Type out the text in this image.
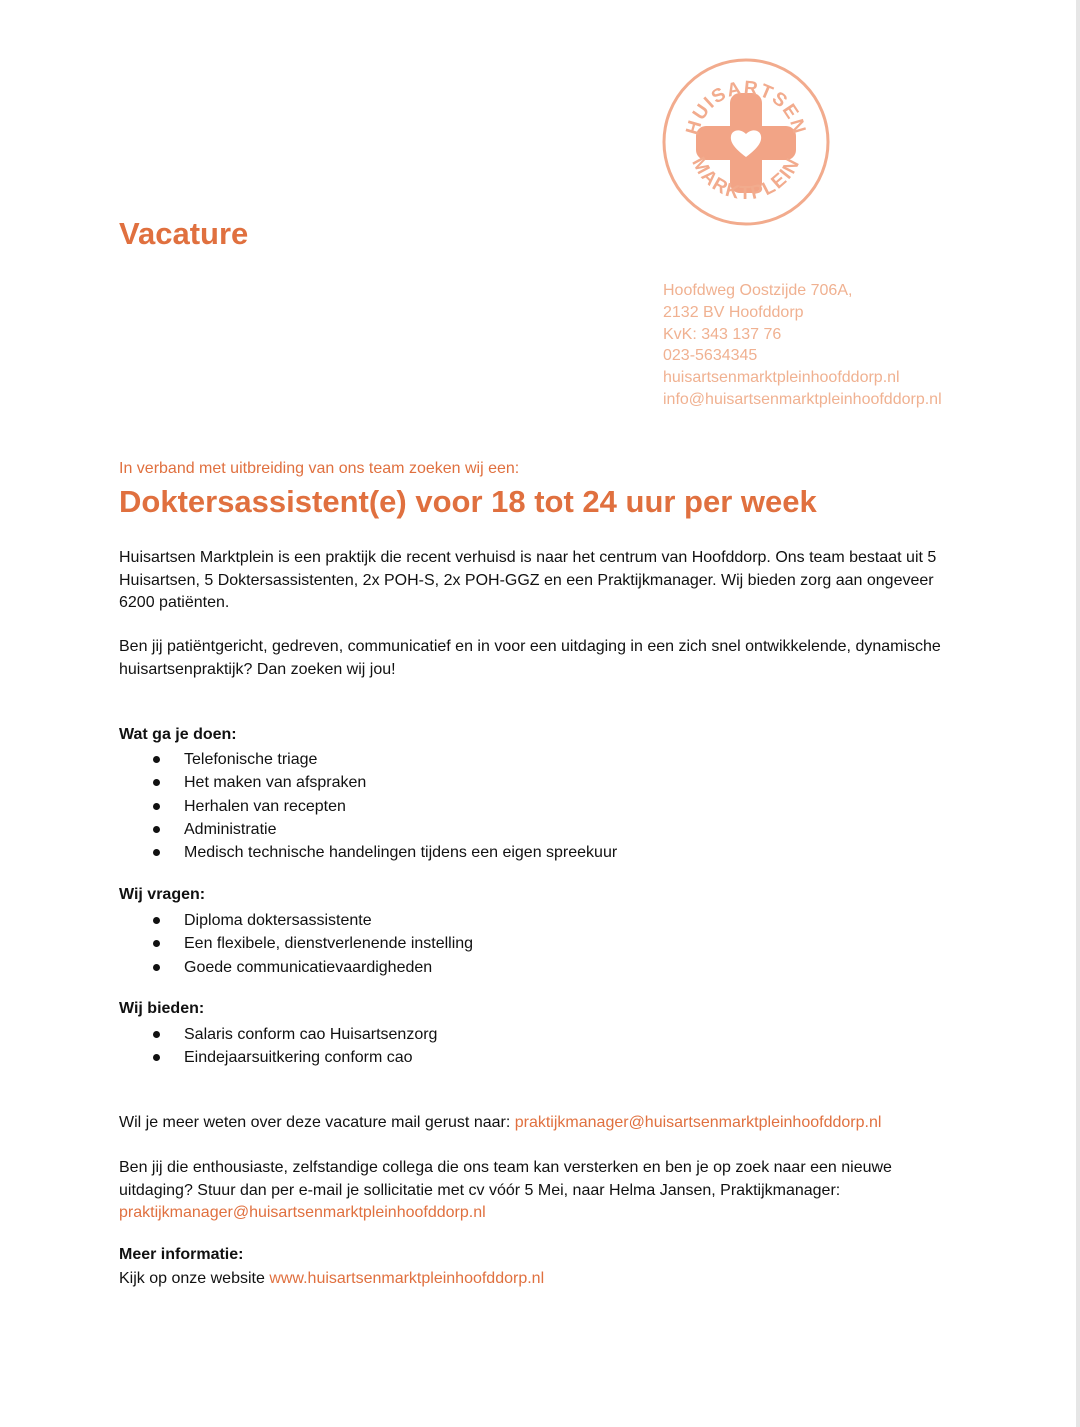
HUISARTSEN
MARKTPLEIN
Vacature
Hoofdweg Oostzijde 706A,
2132 BV Hoofddorp
KvK: 343 137 76
023-5634345
huisartsenmarktpleinhoofddorp.nl
info@huisartsenmarktpleinhoofddorp.nl
In verband met uitbreiding van ons team zoeken wij een:
Doktersassistent(e) voor 18 tot 24 uur per week

Huisartsen Marktplein is een praktijk die recent verhuisd is naar het centrum van Hoofddorp. Ons team bestaat uit 5 Huisartsen, 5 Doktersassistenten, 2x POH-S, 2x POH-GGZ en een Praktijkmanager. Wij bieden zorg aan ongeveer 6200 patiënten.

Ben jij patiëntgericht, gedreven, communicatief en in voor een uitdaging in een zich snel ontwikkelende, dynamische huisartsenpraktijk? Dan zoeken wij jou!

Wat ga je doen:
Telefonische triage
Het maken van afspraken
Herhalen van recepten
Administratie
Medisch technische handelingen tijdens een eigen spreekuur
Wij vragen:
Diploma doktersassistente
Een flexibele, dienstverlenende instelling
Goede communicatievaardigheden
Wij bieden:
Salaris conform cao Huisartsenzorg
Eindejaarsuitkering conform cao

Wil je meer weten over deze vacature mail gerust naar: praktijkmanager@huisartsenmarktpleinhoofddorp.nl

Ben jij die enthousiaste, zelfstandige collega die ons team kan versterken en ben je op zoek naar een nieuwe uitdaging? Stuur dan per e-mail je sollicitatie met cv vóór 5 Mei, naar Helma Jansen, Praktijkmanager:
praktijkmanager@huisartsenmarktpleinhoofddorp.nl

Meer informatie:

Kijk op onze website www.huisartsenmarktpleinhoofddorp.nl
